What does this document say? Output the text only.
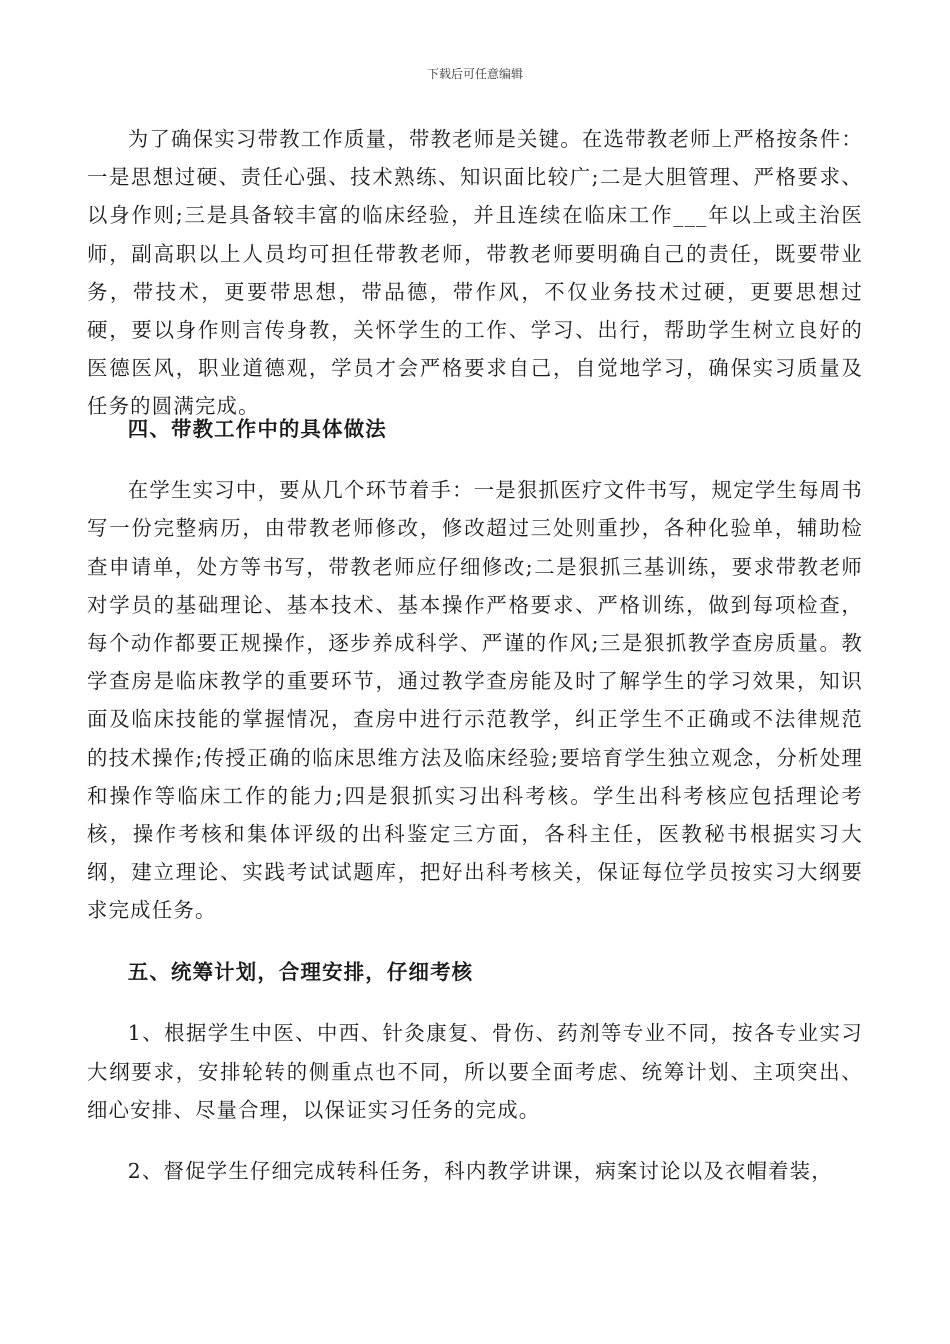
下载后可任意编辑

为了确保实习带教工作质量，带教老师是关键。在选带教老师上严格按条件：一是思想过硬、责任心强、技术熟练、知识面比较广;二是大胆管理、严格要求、以身作则;三是具备较丰富的临床经验，并且连续在临床工作___年以上或主治医师，副高职以上人员均可担任带教老师，带教老师要明确自己的责任，既要带业务，带技术，更要带思想，带品德，带作风，不仅业务技术过硬，更要思想过硬，要以身作则言传身教，关怀学生的工作、学习、出行，帮助学生树立良好的医德医风，职业道德观，学员才会严格要求自己，自觉地学习，确保实习质量及任务的圆满完成。

四、带教工作中的具体做法

在学生实习中，要从几个环节着手：一是狠抓医疗文件书写，规定学生每周书写一份完整病历，由带教老师修改，修改超过三处则重抄，各种化验单，辅助检查申请单，处方等书写，带教老师应仔细修改;二是狠抓三基训练，要求带教老师对学员的基础理论、基本技术、基本操作严格要求、严格训练，做到每项检查，每个动作都要正规操作，逐步养成科学、严谨的作风;三是狠抓教学查房质量。教学查房是临床教学的重要环节，通过教学查房能及时了解学生的学习效果，知识面及临床技能的掌握情况，查房中进行示范教学，纠正学生不正确或不法律规范的技术操作;传授正确的临床思维方法及临床经验;要培育学生独立观念，分析处理和操作等临床工作的能力;四是狠抓实习出科考核。学生出科考核应包括理论考核，操作考核和集体评级的出科鉴定三方面，各科主任，医教秘书根据实习大纲，建立理论、实践考试试题库，把好出科考核关，保证每位学员按实习大纲要求完成任务。

五、统筹计划，合理安排，仔细考核

1、根据学生中医、中西、针灸康复、骨伤、药剂等专业不同，按各专业实习大纲要求，安排轮转的侧重点也不同，所以要全面考虑、统筹计划、主项突出、细心安排、尽量合理，以保证实习任务的完成。

2、督促学生仔细完成转科任务，科内教学讲课，病案讨论以及衣帽着装，
